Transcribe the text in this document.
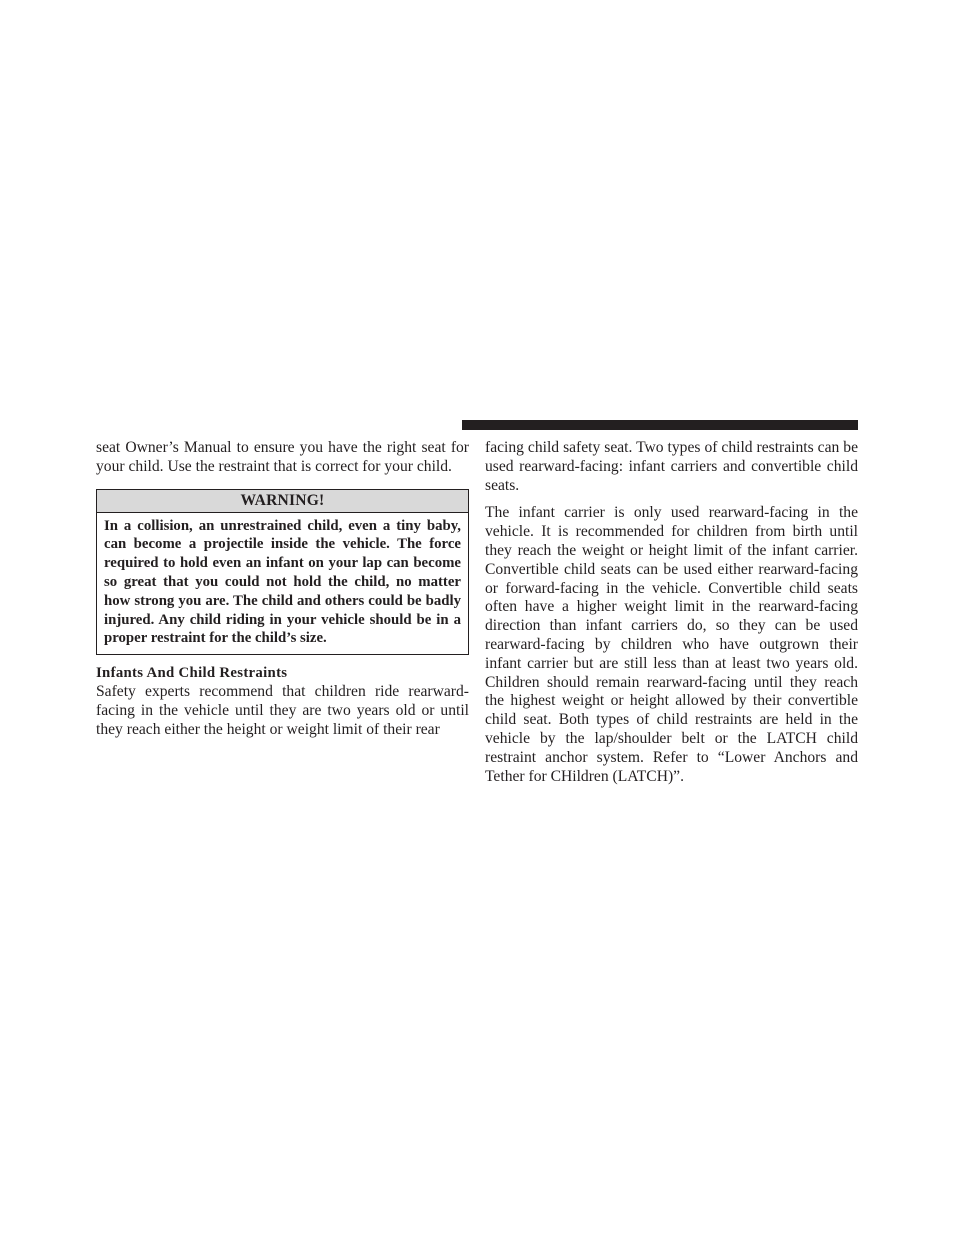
seat Owner’s Manual to ensure you have the right seat for your child. Use the restraint that is correct for your child.

WARNING!
In a collision, an unrestrained child, even a tiny baby, can become a projectile inside the vehicle. The force required to hold even an infant on your lap can become so great that you could not hold the child, no matter how strong you are. The child and others could be badly injured. Any child riding in your vehicle should be in a proper restraint for the child’s size.
Infants And Child Restraints

Safety experts recommend that children ride rearward-facing in the vehicle until they are two years old or until they reach either the height or weight limit of their rear

facing child safety seat. Two types of child restraints can be used rearward-facing: infant carriers and convertible child seats.

The infant carrier is only used rearward-facing in the vehicle. It is recommended for children from birth until they reach the weight or height limit of the infant carrier. Convertible child seats can be used either rearward-facing or forward-facing in the vehicle. Convertible child seats often have a higher weight limit in the rearward-facing direction than infant carriers do, so they can be used rearward-facing by children who have outgrown their infant carrier but are still less than at least two years old. Children should remain rearward-facing until they reach the highest weight or height allowed by their convertible child seat. Both types of child restraints are held in the vehicle by the lap/shoulder belt or the LATCH child restraint anchor system. Refer to “Lower Anchors and Tether for CHildren (LATCH)”.
